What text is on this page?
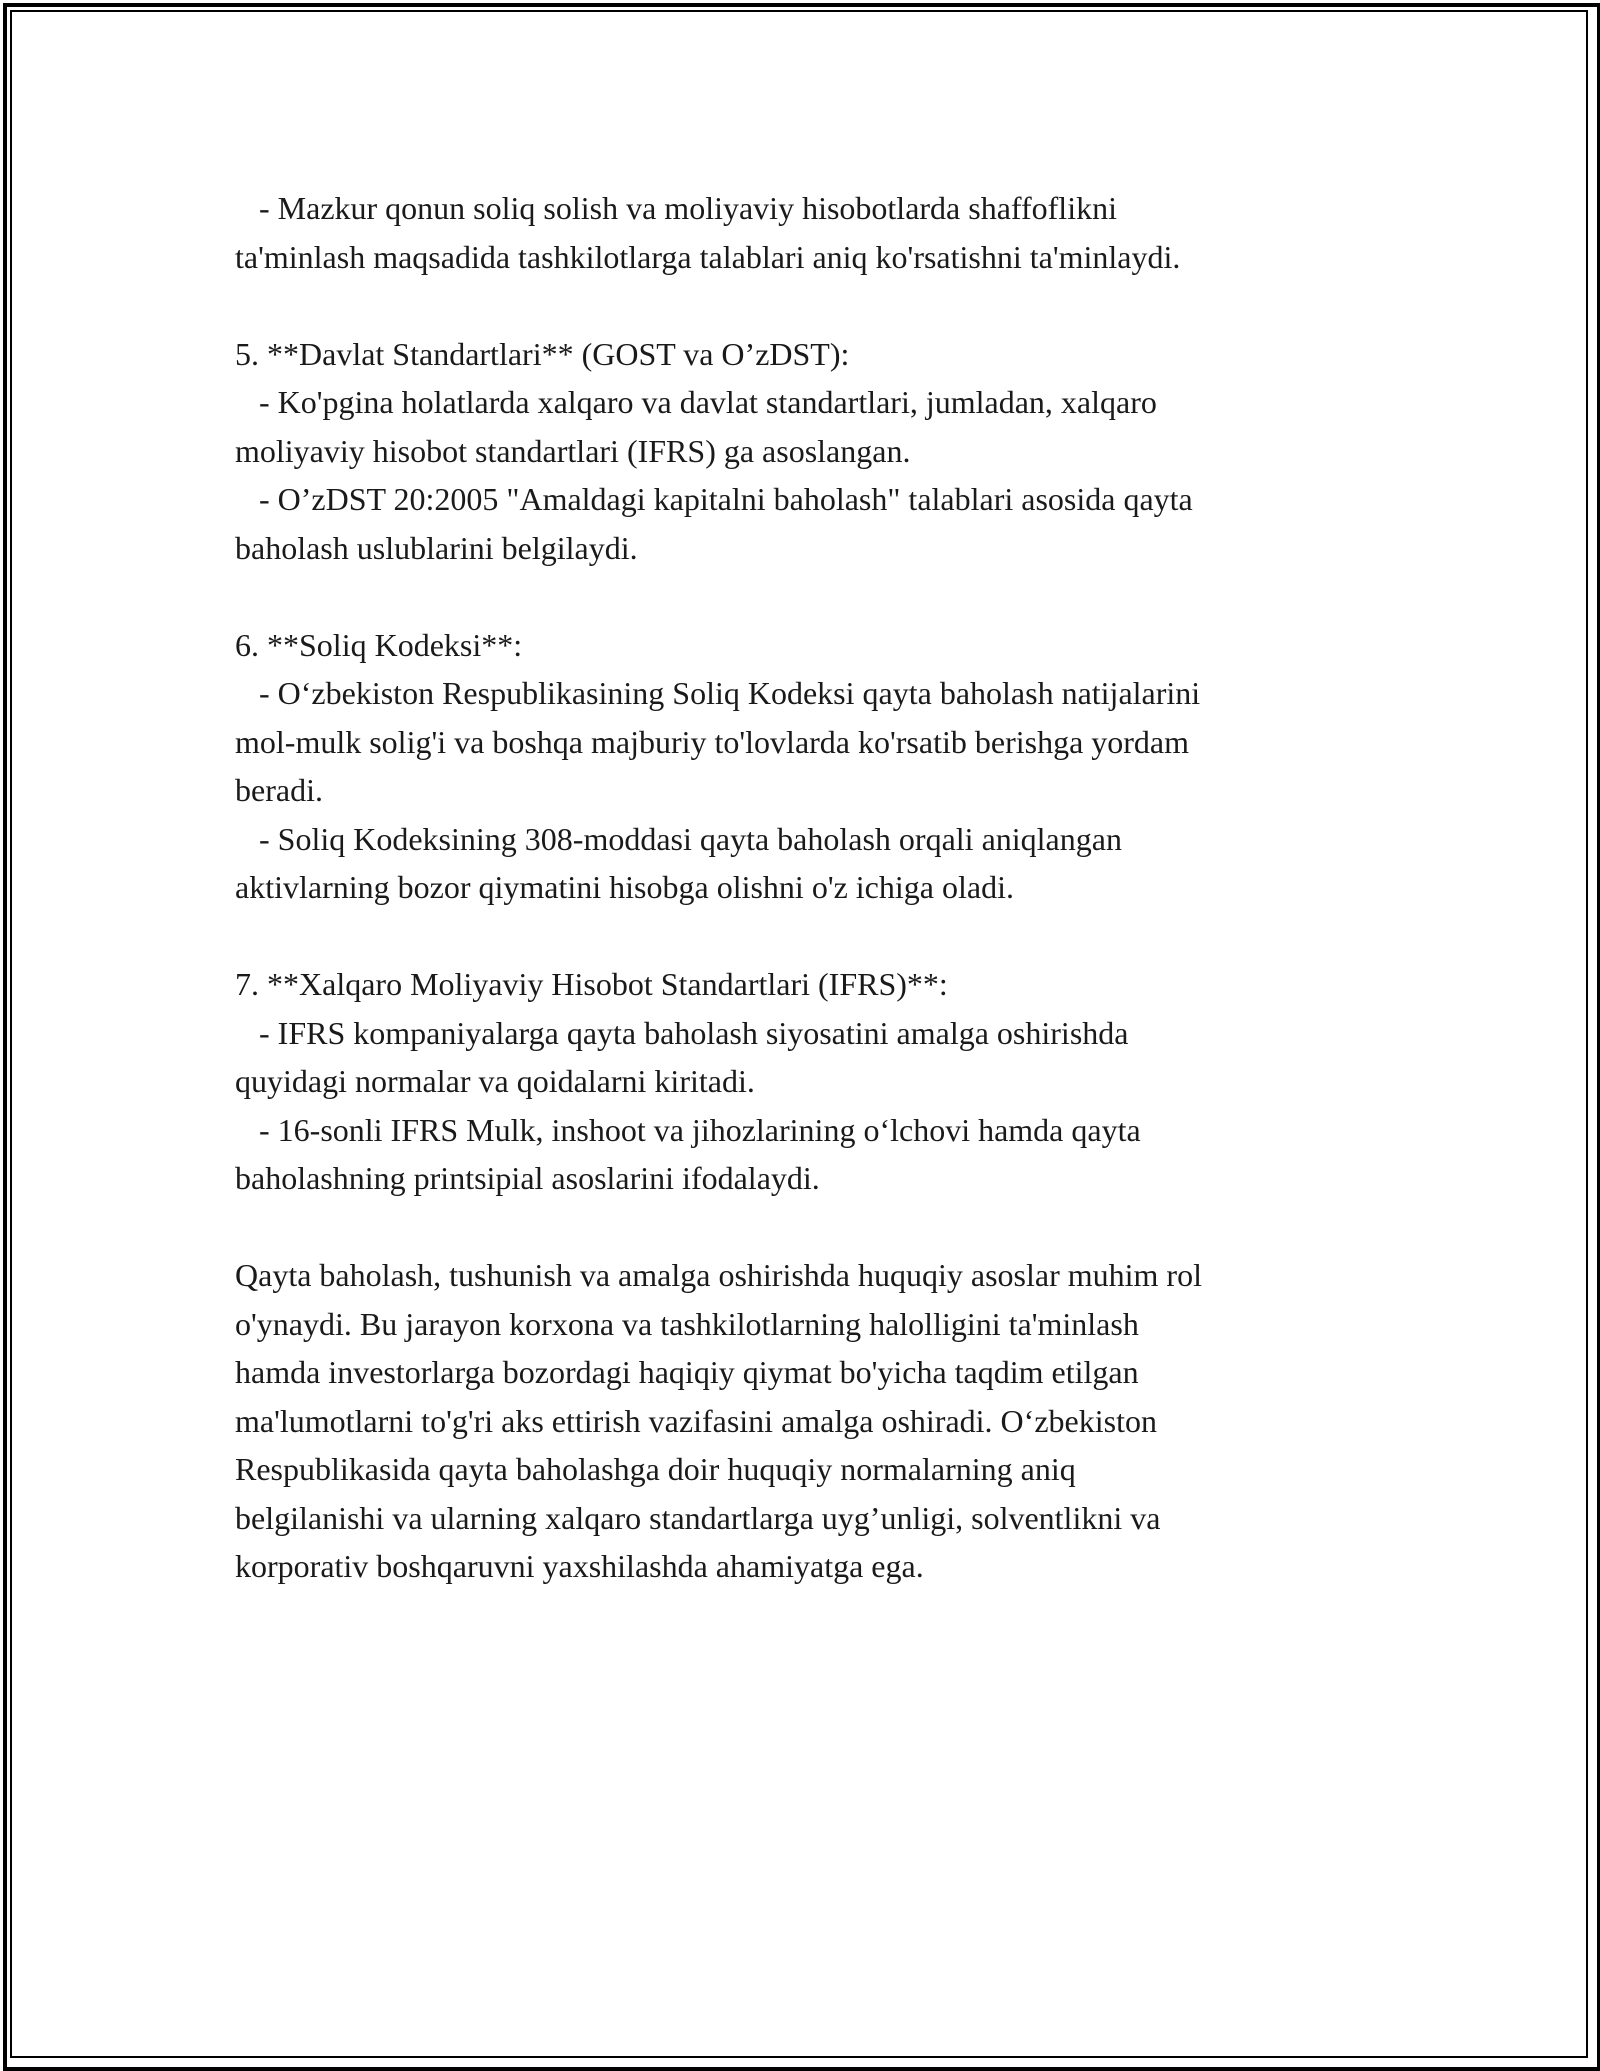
- Mazkur qonun soliq solish va moliyaviy hisobotlarda shaffoflikni

ta'minlash maqsadida tashkilotlarga talablari aniq ko'rsatishni ta'minlaydi.

5. **Davlat Standartlari** (GOST va O’zDST):

- Ko'pgina holatlarda xalqaro va davlat standartlari, jumladan, xalqaro

moliyaviy hisobot standartlari (IFRS) ga asoslangan.

- O’zDST 20:2005 "Amaldagi kapitalni baholash" talablari asosida qayta

baholash uslublarini belgilaydi.

6. **Soliq Kodeksi**:

- O‘zbekiston Respublikasining Soliq Kodeksi qayta baholash natijalarini

mol-mulk solig'i va boshqa majburiy to'lovlarda ko'rsatib berishga yordam

beradi.

- Soliq Kodeksining 308-moddasi qayta baholash orqali aniqlangan

aktivlarning bozor qiymatini hisobga olishni o'z ichiga oladi.

7. **Xalqaro Moliyaviy Hisobot Standartlari (IFRS)**:

- IFRS kompaniyalarga qayta baholash siyosatini amalga oshirishda

quyidagi normalar va qoidalarni kiritadi.

- 16-sonli IFRS Mulk, inshoot va jihozlarining o‘lchovi hamda qayta

baholashning printsipial asoslarini ifodalaydi.

Qayta baholash, tushunish va amalga oshirishda huquqiy asoslar muhim rol

o'ynaydi. Bu jarayon korxona va tashkilotlarning halolligini ta'minlash

hamda investorlarga bozordagi haqiqiy qiymat bo'yicha taqdim etilgan

ma'lumotlarni to'g'ri aks ettirish vazifasini amalga oshiradi. O‘zbekiston

Respublikasida qayta baholashga doir huquqiy normalarning aniq

belgilanishi va ularning xalqaro standartlarga uyg’unligi, solventlikni va

korporativ boshqaruvni yaxshilashda ahamiyatga ega.
